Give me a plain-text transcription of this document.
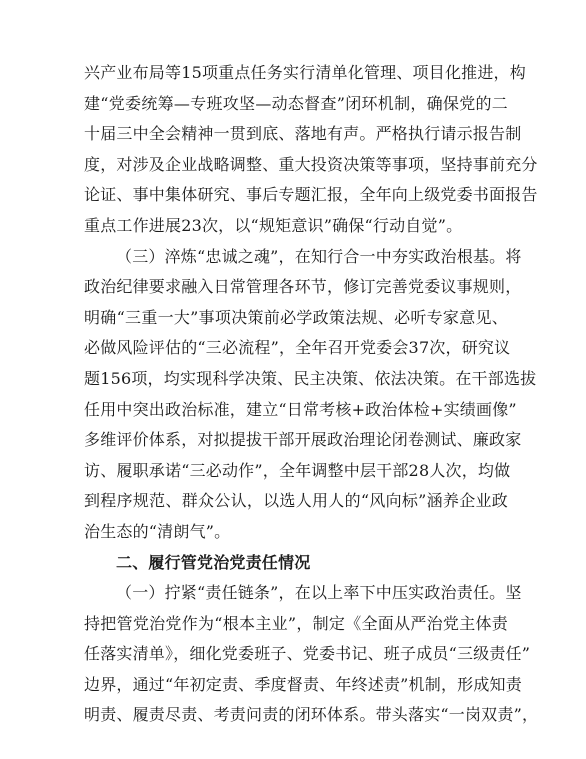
兴产业布局等15项重点任务实行清单化管理、项目化推进，构
建“党委统筹—专班攻坚—动态督查”闭环机制，确保党的二
十届三中全会精神一贯到底、落地有声。严格执行请示报告制
度，对涉及企业战略调整、重大投资决策等事项，坚持事前充分
论证、事中集体研究、事后专题汇报，全年向上级党委书面报告
重点工作进展23次，以“规矩意识”确保“行动自觉”。
（三）淬炼“忠诚之魂”，在知行合一中夯实政治根基。将
政治纪律要求融入日常管理各环节，修订完善党委议事规则，
明确“三重一大”事项决策前必学政策法规、必听专家意见、
必做风险评估的“三必流程”，全年召开党委会37次，研究议
题156项，均实现科学决策、民主决策、依法决策。在干部选拔
任用中突出政治标准，建立“日常考核+政治体检+实绩画像”
多维评价体系，对拟提拔干部开展政治理论闭卷测试、廉政家
访、履职承诺“三必动作”，全年调整中层干部28人次，均做
到程序规范、群众公认，以选人用人的“风向标”涵养企业政
治生态的“清朗气”。
二、履行管党治党责任情况
（一）拧紧“责任链条”，在以上率下中压实政治责任。坚
持把管党治党作为“根本主业”，制定《全面从严治党主体责
任落实清单》，细化党委班子、党委书记、班子成员“三级责任”
边界，通过“年初定责、季度督责、年终述责”机制，形成知责
明责、履责尽责、考责问责的闭环体系。带头落实“一岗双责”，
